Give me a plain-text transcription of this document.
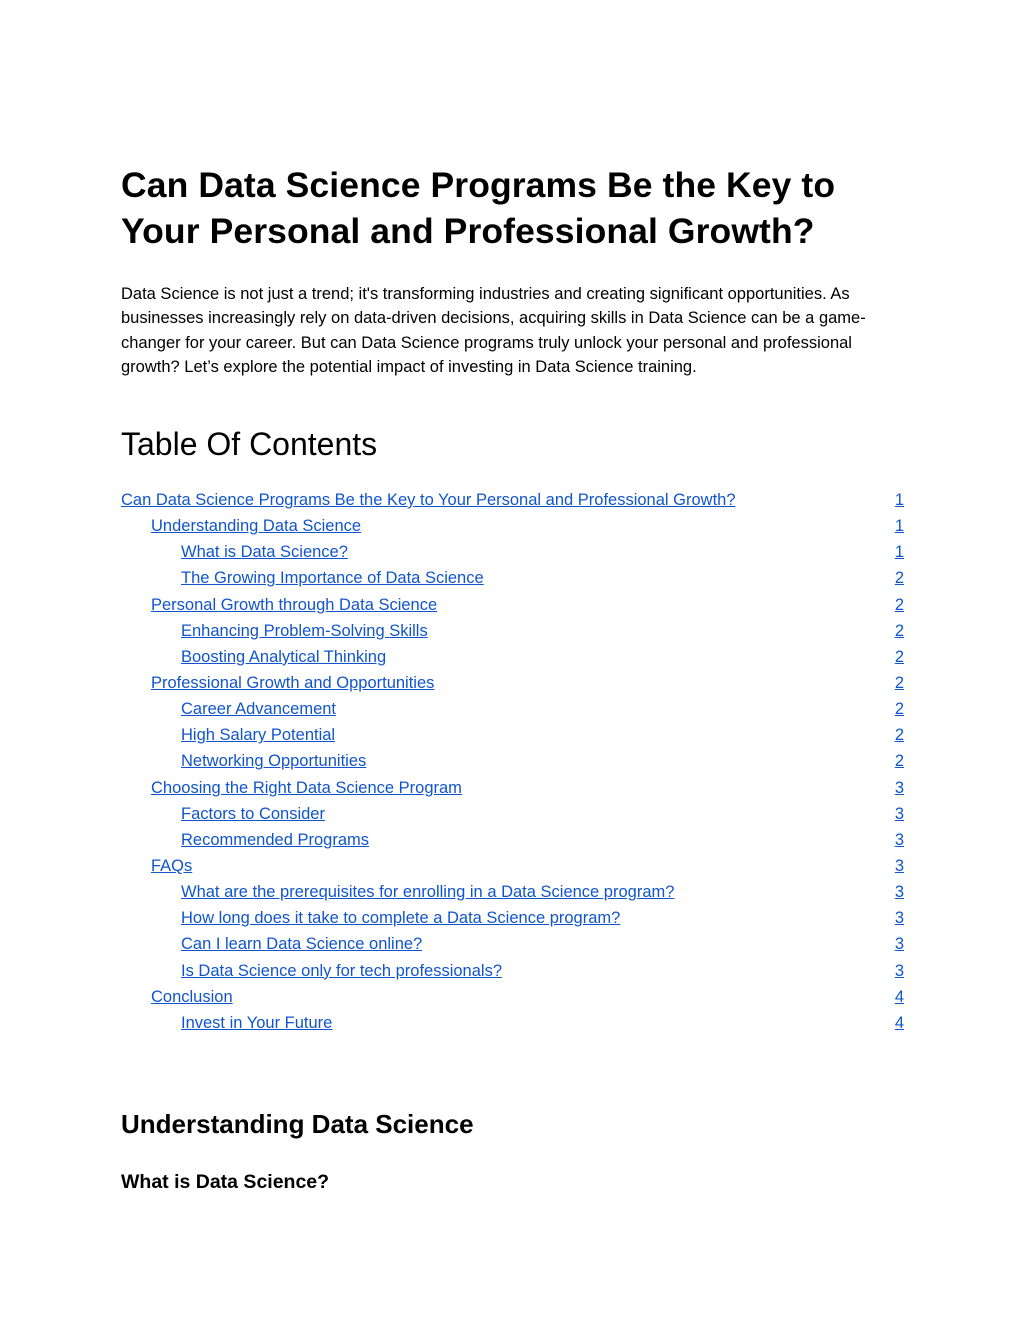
Can Data Science Programs Be the Key to Your Personal and Professional Growth?

Data Science is not just a trend; it's transforming industries and creating significant opportunities. As businesses increasingly rely on data-driven decisions, acquiring skills in Data Science can be a game-changer for your career. But can Data Science programs truly unlock your personal and professional growth? Let’s explore the potential impact of investing in Data Science training.

Table Of Contents
Can Data Science Programs Be the Key to Your Personal and Professional Growth?	1
Understanding Data Science	1
What is Data Science?	1
The Growing Importance of Data Science	2
Personal Growth through Data Science	2
Enhancing Problem-Solving Skills	2
Boosting Analytical Thinking	2
Professional Growth and Opportunities	2
Career Advancement	2
High Salary Potential	2
Networking Opportunities	2
Choosing the Right Data Science Program	3
Factors to Consider	3
Recommended Programs	3
FAQs	3
What are the prerequisites for enrolling in a Data Science program?	3
How long does it take to complete a Data Science program?	3
Can I learn Data Science online?	3
Is Data Science only for tech professionals?	3
Conclusion	4
Invest in Your Future	4
Understanding Data Science
What is Data Science?
